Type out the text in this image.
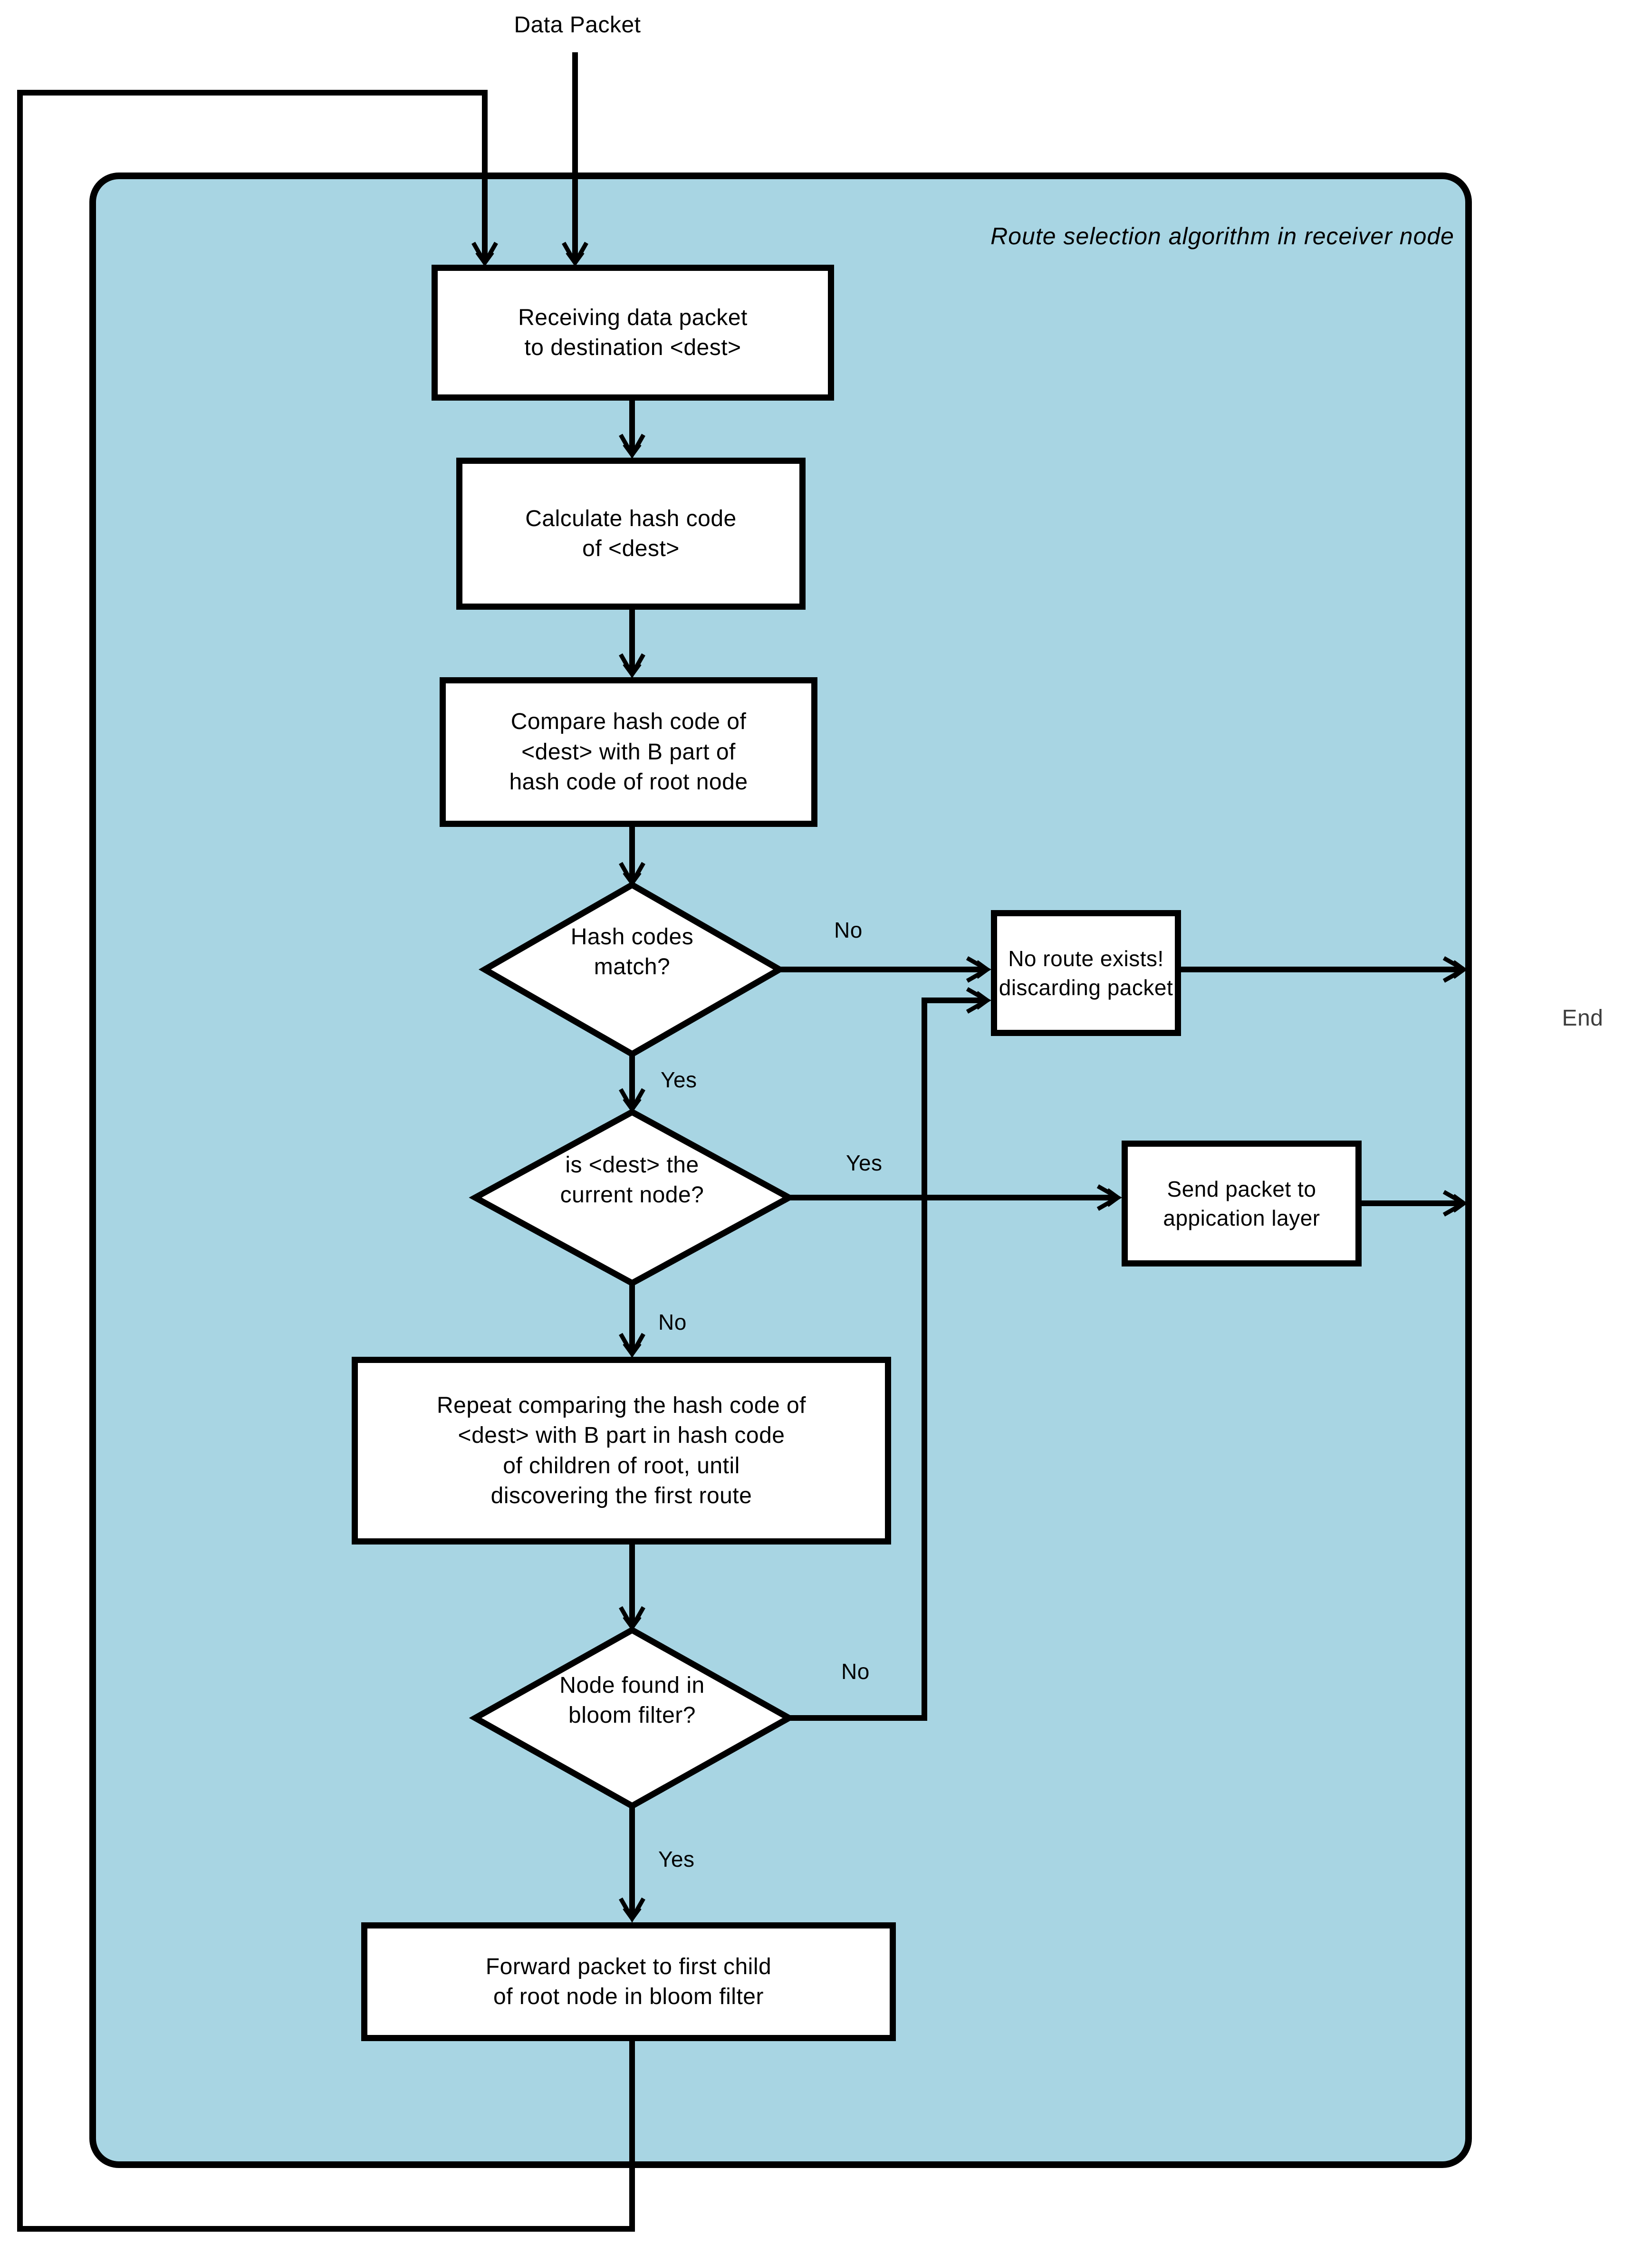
Data Packet
Route selection algorithm in receiver node
End
Receiving data packet
to destination <dest>
Calculate hash code
of <dest>
Compare hash code of
<dest> with B part of
hash code of root node
No route exists!
discarding packet
Send packet to
appication layer
Repeat comparing the hash code of
<dest> with B part in hash code
of children of root, until
discovering the first route
Forward packet to first child
of root node in bloom filter
Hash codes
match?
is <dest> the
current node?
Node found in
bloom filter?
No
Yes
Yes
No
No
Yes
